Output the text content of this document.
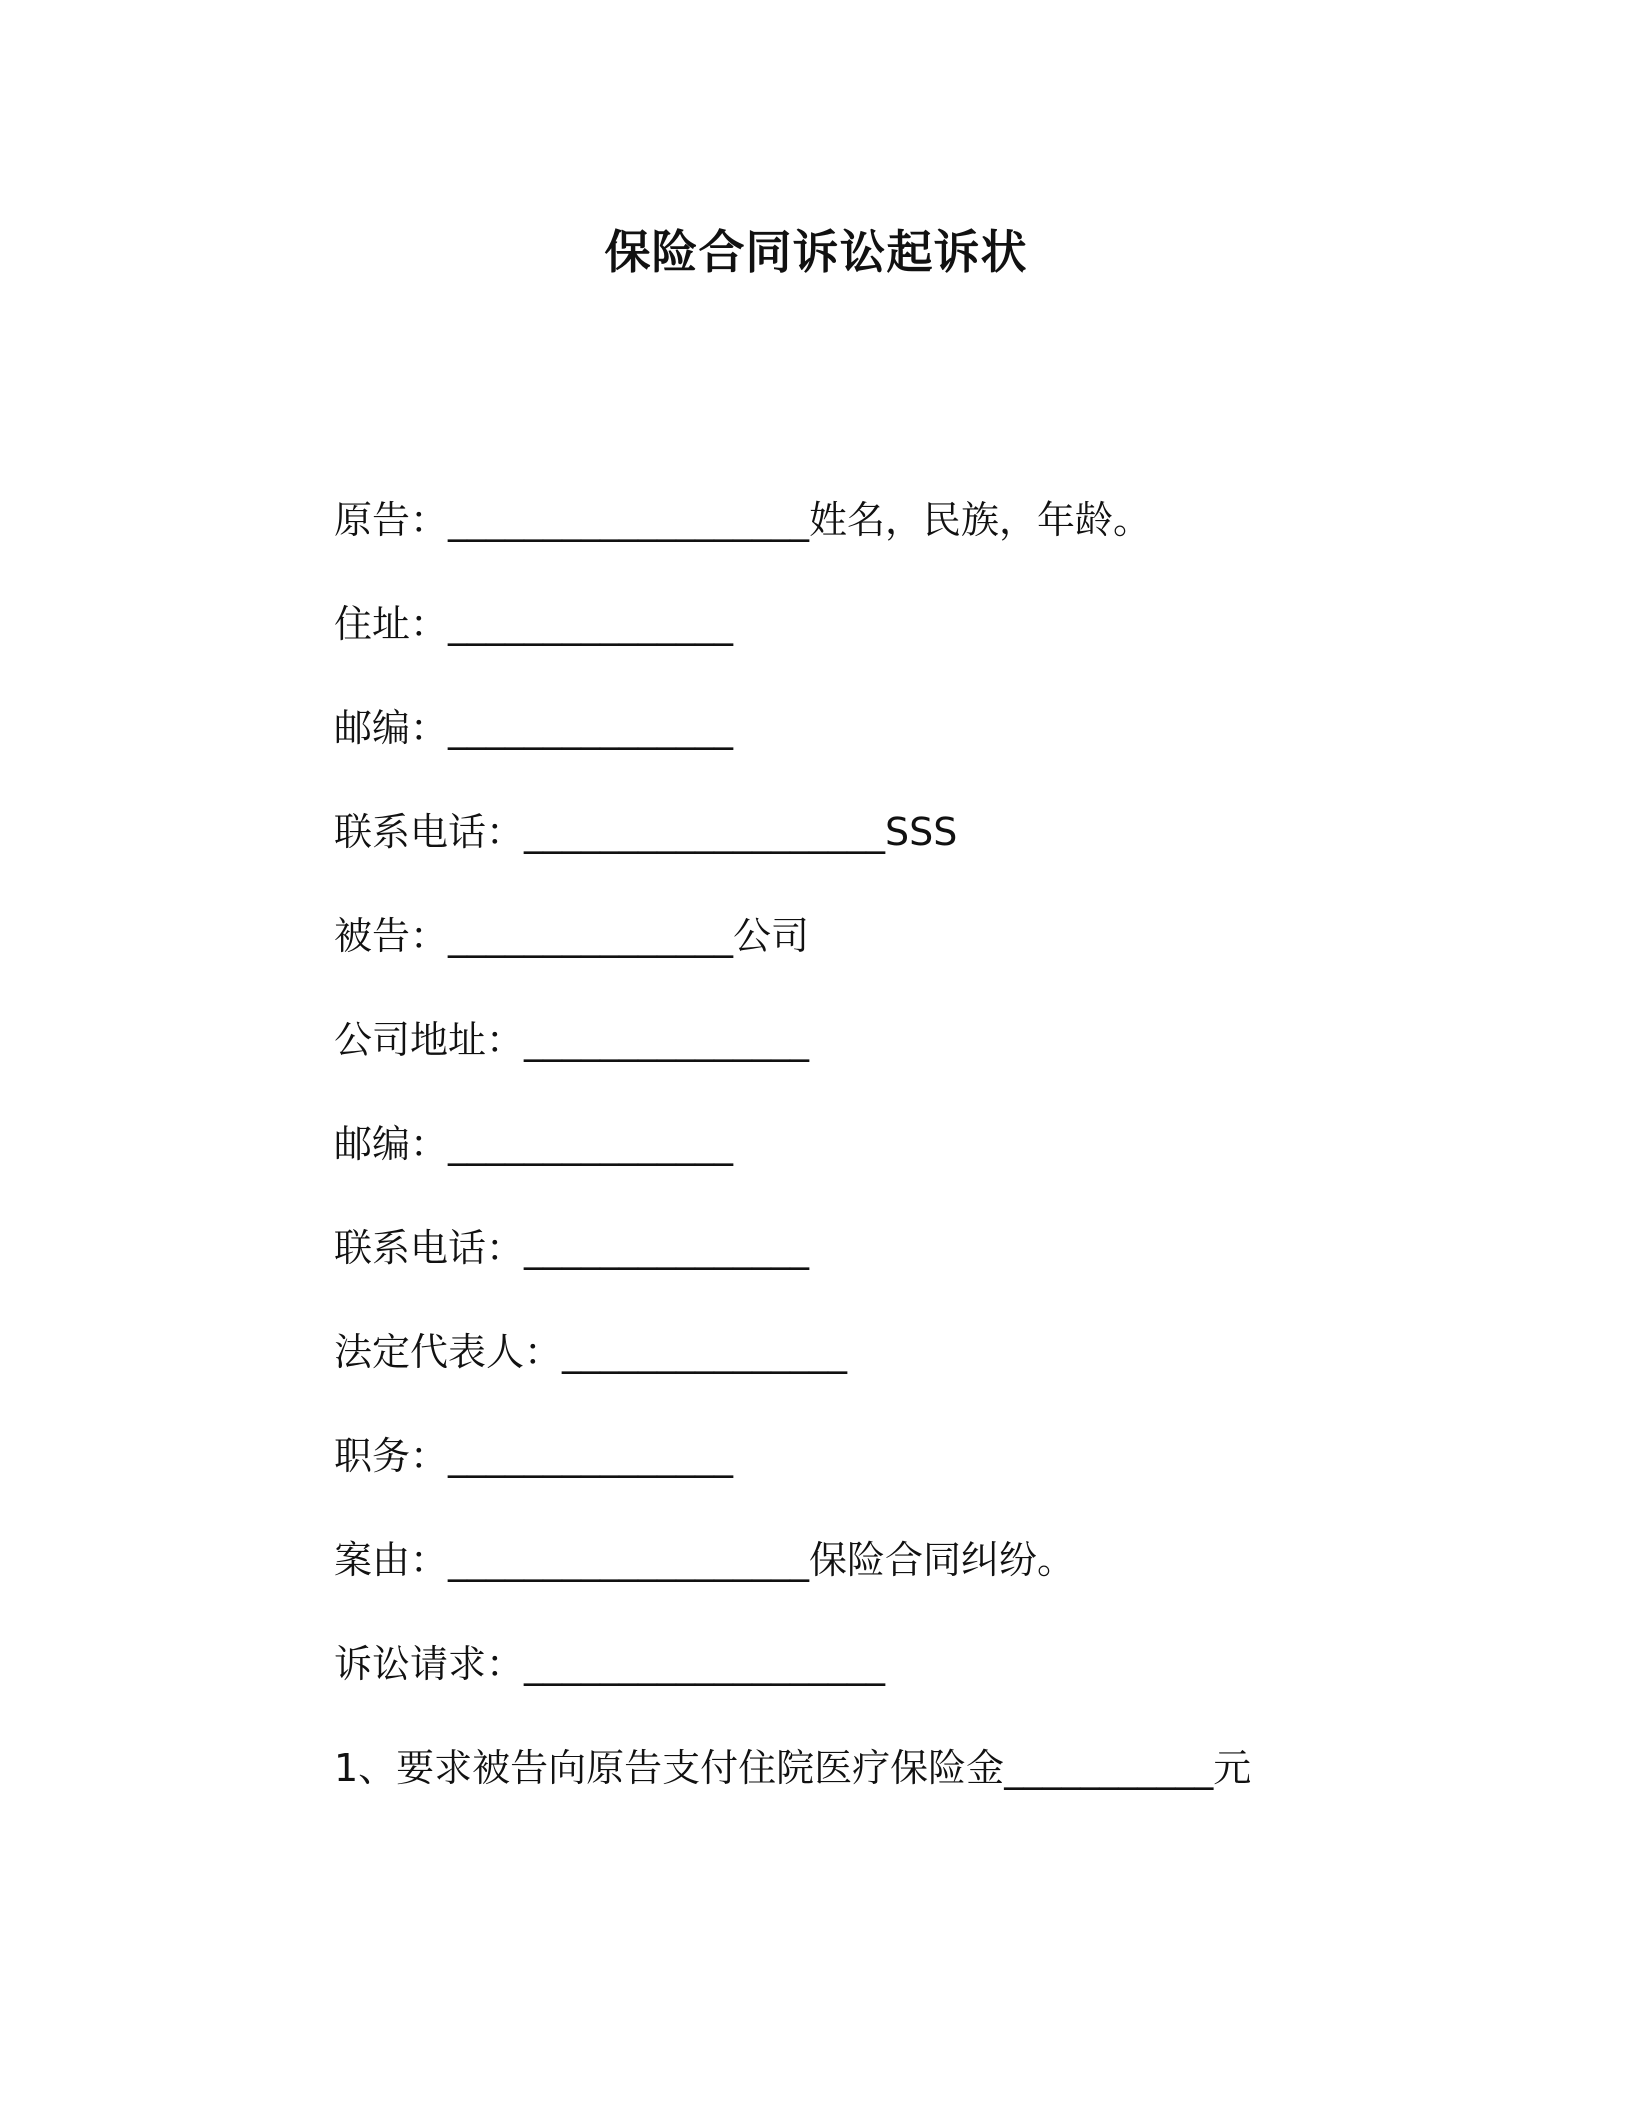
保险合同诉讼起诉状
原告：___________________姓名，民族，年龄。
住址：_______________
邮编：_______________
联系电话：___________________SSS
被告：_______________公司
公司地址：_______________
邮编：_______________
联系电话：_______________
法定代表人：_______________
职务：_______________
案由：___________________保险合同纠纷。
诉讼请求：___________________
1、要求被告向原告支付住院医疗保险金___________元
